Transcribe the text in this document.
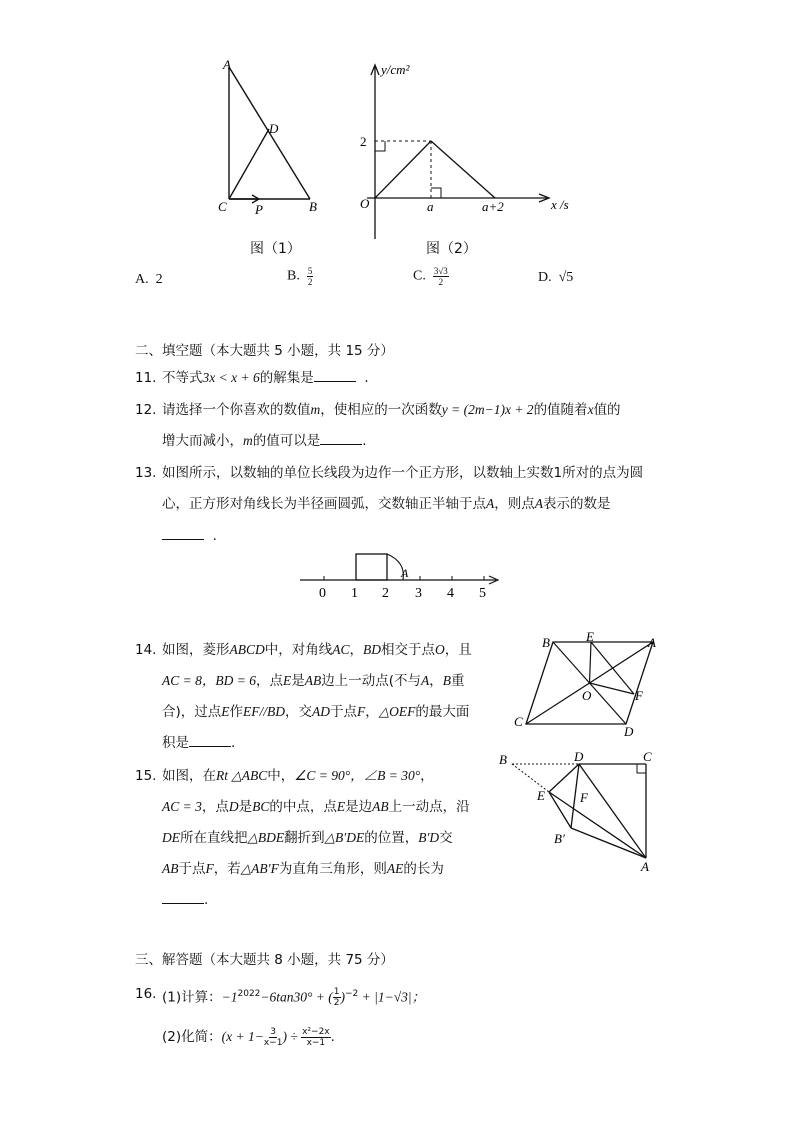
A
D
C P	B
图（1）
y/cm²
2
O	a	a+2	x /s
图（2）
A. 2	B. $\frac{5}{2}$	C. $\frac{3√3}{2}$	D. √5
二、填空题（本大题共 5 小题，共 15 分）
11. 不等式3x < x + 6的解集是	.
12. 请选择一个你喜欢的数值m，使相应的一次函数y = (2m−1)x + 2的值随着x值的
增大而减小，m的值可以是	.
13. 如图所示，以数轴的单位长线段为边作一个正方形，以数轴上实数1所对的点为圆
心，正方形对角线长为半径画圆弧，交数轴正半轴于点A，则点A表示的数是
.
A
0 1 2 3 4 5
14. 如图，菱形ABCD中，对角线AC，BD相交于点O，且
AC = 8，BD = 6，点E是AB边上一动点(不与A，B重
合)，过点E作EF//BD，交AD于点F，△OEF的最大面
积是	.
B	E	A
O	F
C
D
15. 如图，在Rt △ABC中，∠C = 90°，∠B = 30°，
AC = 3，点D是BC的中点，点E是边AB上一动点，沿
DE所在直线把△BDE翻折到△B′DE的位置，B′D交
AB于点F，若△AB′F为直角三角形，则AE的长为
.
B	D	C
E	F
B′
A
三、解答题（本大题共 8 小题，共 75 分）
16. (1)计算：$-1^{2022}-6\tan 30^\circ$ + ( $\frac{1}{2} )^{-2} + |1-√3|$；
(2)化简：($x + 1- \frac{3}{x-1}$ ) ÷ $\frac{\text{x²−2x}}{x-1}$ .
